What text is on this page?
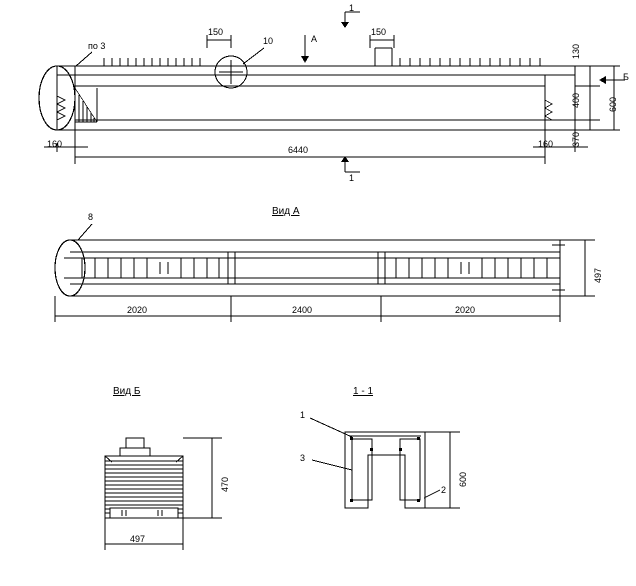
1
1
A
Б
по 3	10
150	150
160	160
6440
130
400
370
600
Вид А
8
497
2020	2400	2020
Вид Б	1 - 1
470
497
1
3
2
600
